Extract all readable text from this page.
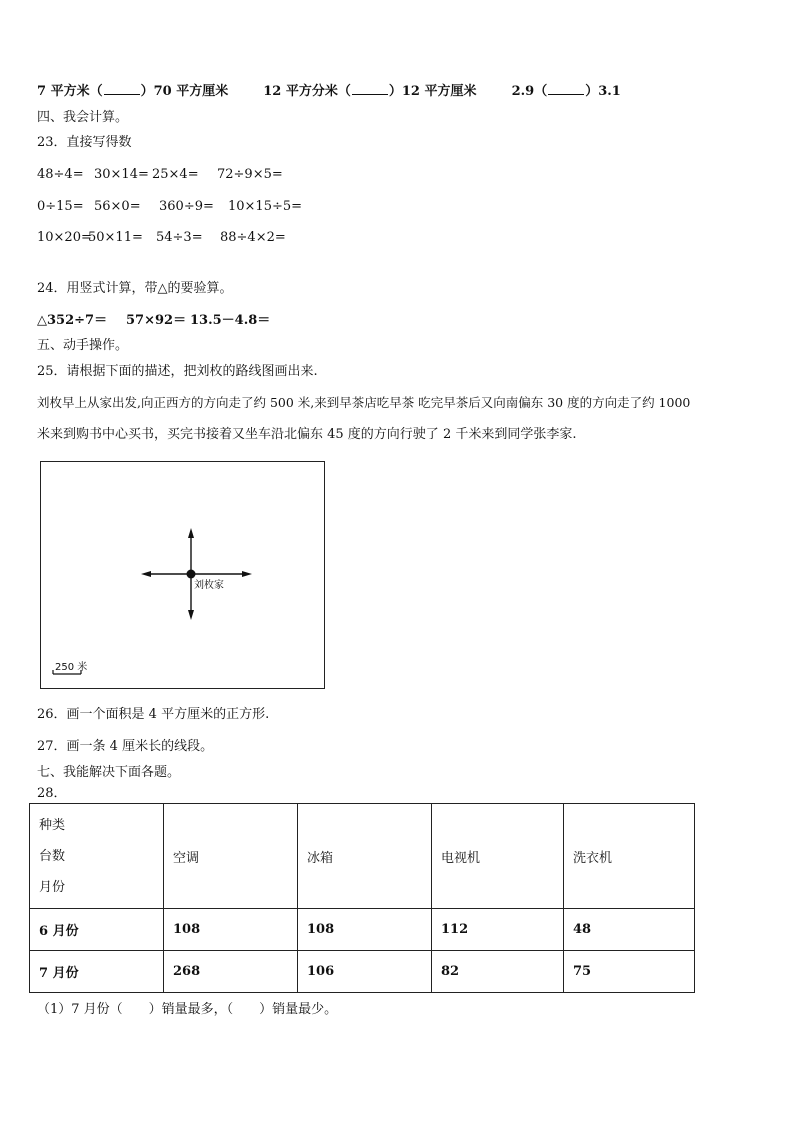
7 平方米（	）70 平方厘米	12 平方分米（	）12 平方厘米	2.9（	）3.1
四、我会计算。
23．直接写得数
48÷4= 30×14= 25×4= 72÷9×5=
0÷15= 56×0= 360÷9= 10×15÷5=
10×20=50×11= 54÷3= 88÷4×2=
24．用竖式计算，带△的要验算。
△352÷7＝ 57×92＝ 13.5－4.8＝
五、动手操作。
25．请根据下面的描述，把刘枚的路线图画出来.
刘枚早上从家出发,向正西方的方向走了约 500 米,来到早茶店吃早茶 吃完早茶后又向南偏东 30 度的方向走了约 1000
米来到购书中心买书，买完书接着又坐车沿北偏东 45 度的方向行驶了 2 千米来到同学张李家.
刘枚家
250 米
26．画一个面积是 4 平方厘米的正方形.
27．画一条 4 厘米长的线段。
七、我能解决下面各题。
28．
种类
台数
月份	空调	冰箱	电视机	洗衣机
6 月份	108	108	112	48
7 月份	268	106	82	75
（1）7 月份（　　）销量最多，（　　）销量最少。
